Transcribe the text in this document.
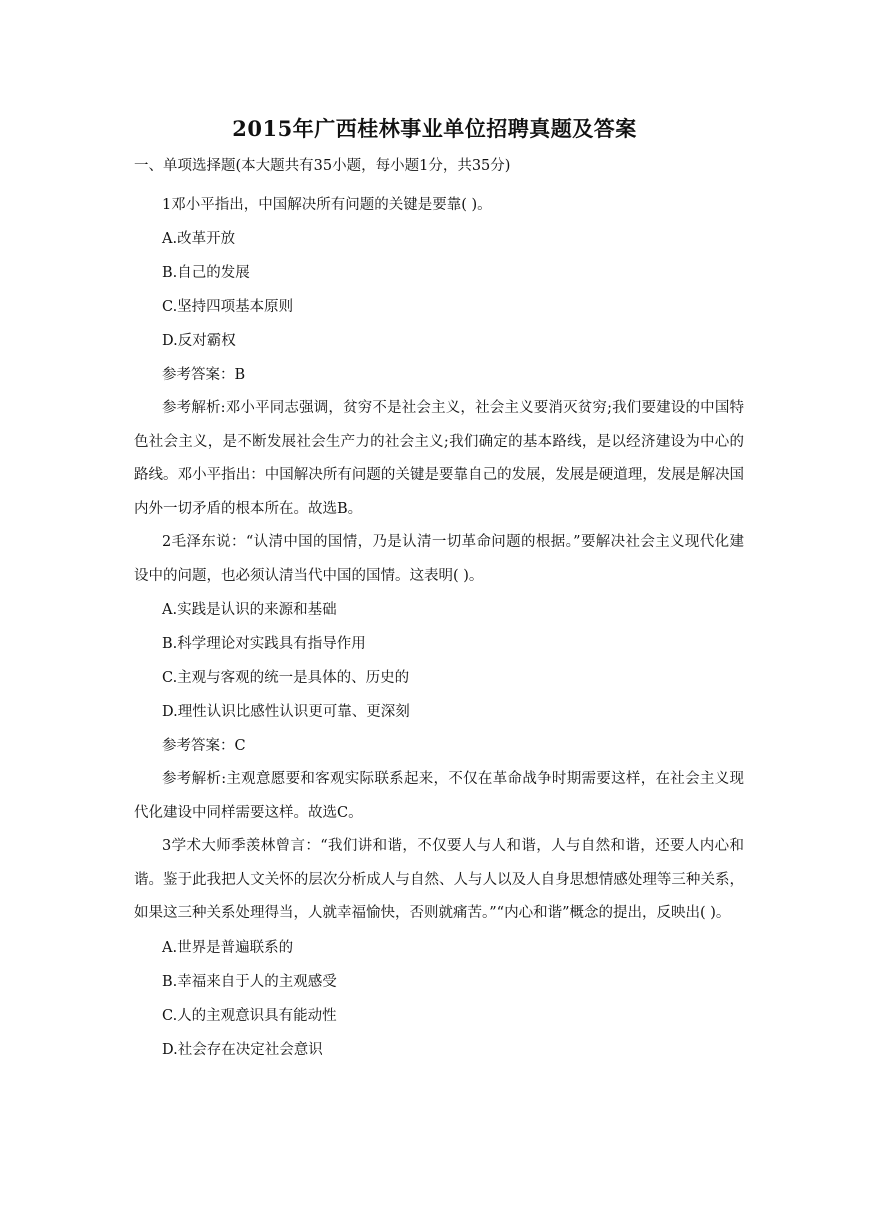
2015年广西桂林事业单位招聘真题及答案

一、单项选择题(本大题共有35小题，每小题1分，共35分)

1邓小平指出，中国解决所有问题的关键是要靠( )。

A.改革开放

B.自己的发展

C.坚持四项基本原则

D.反对霸权

参考答案：B

参考解析:邓小平同志强调，贫穷不是社会主义，社会主义要消灭贫穷;我们要建设的中国特色社会主义，是不断发展社会生产力的社会主义;我们确定的基本路线，是以经济建设为中心的路线。邓小平指出：中国解决所有问题的关键是要靠自己的发展，发展是硬道理，发展是解决国内外一切矛盾的根本所在。故选B。

2毛泽东说：“认清中国的国情，乃是认清一切革命问题的根据。”要解决社会主义现代化建设中的问题，也必须认清当代中国的国情。这表明( )。

A.实践是认识的来源和基础

B.科学理论对实践具有指导作用

C.主观与客观的统一是具体的、历史的

D.理性认识比感性认识更可靠、更深刻

参考答案：C

参考解析:主观意愿要和客观实际联系起来，不仅在革命战争时期需要这样，在社会主义现代化建设中同样需要这样。故选C。

3学术大师季羡林曾言：“我们讲和谐，不仅要人与人和谐，人与自然和谐，还要人内心和谐。鉴于此我把人文关怀的层次分析成人与自然、人与人以及人自身思想情感处理等三种关系，如果这三种关系处理得当，人就幸福愉快，否则就痛苦。”“内心和谐”概念的提出，反映出( )。

A.世界是普遍联系的

B.幸福来自于人的主观感受

C.人的主观意识具有能动性

D.社会存在决定社会意识
